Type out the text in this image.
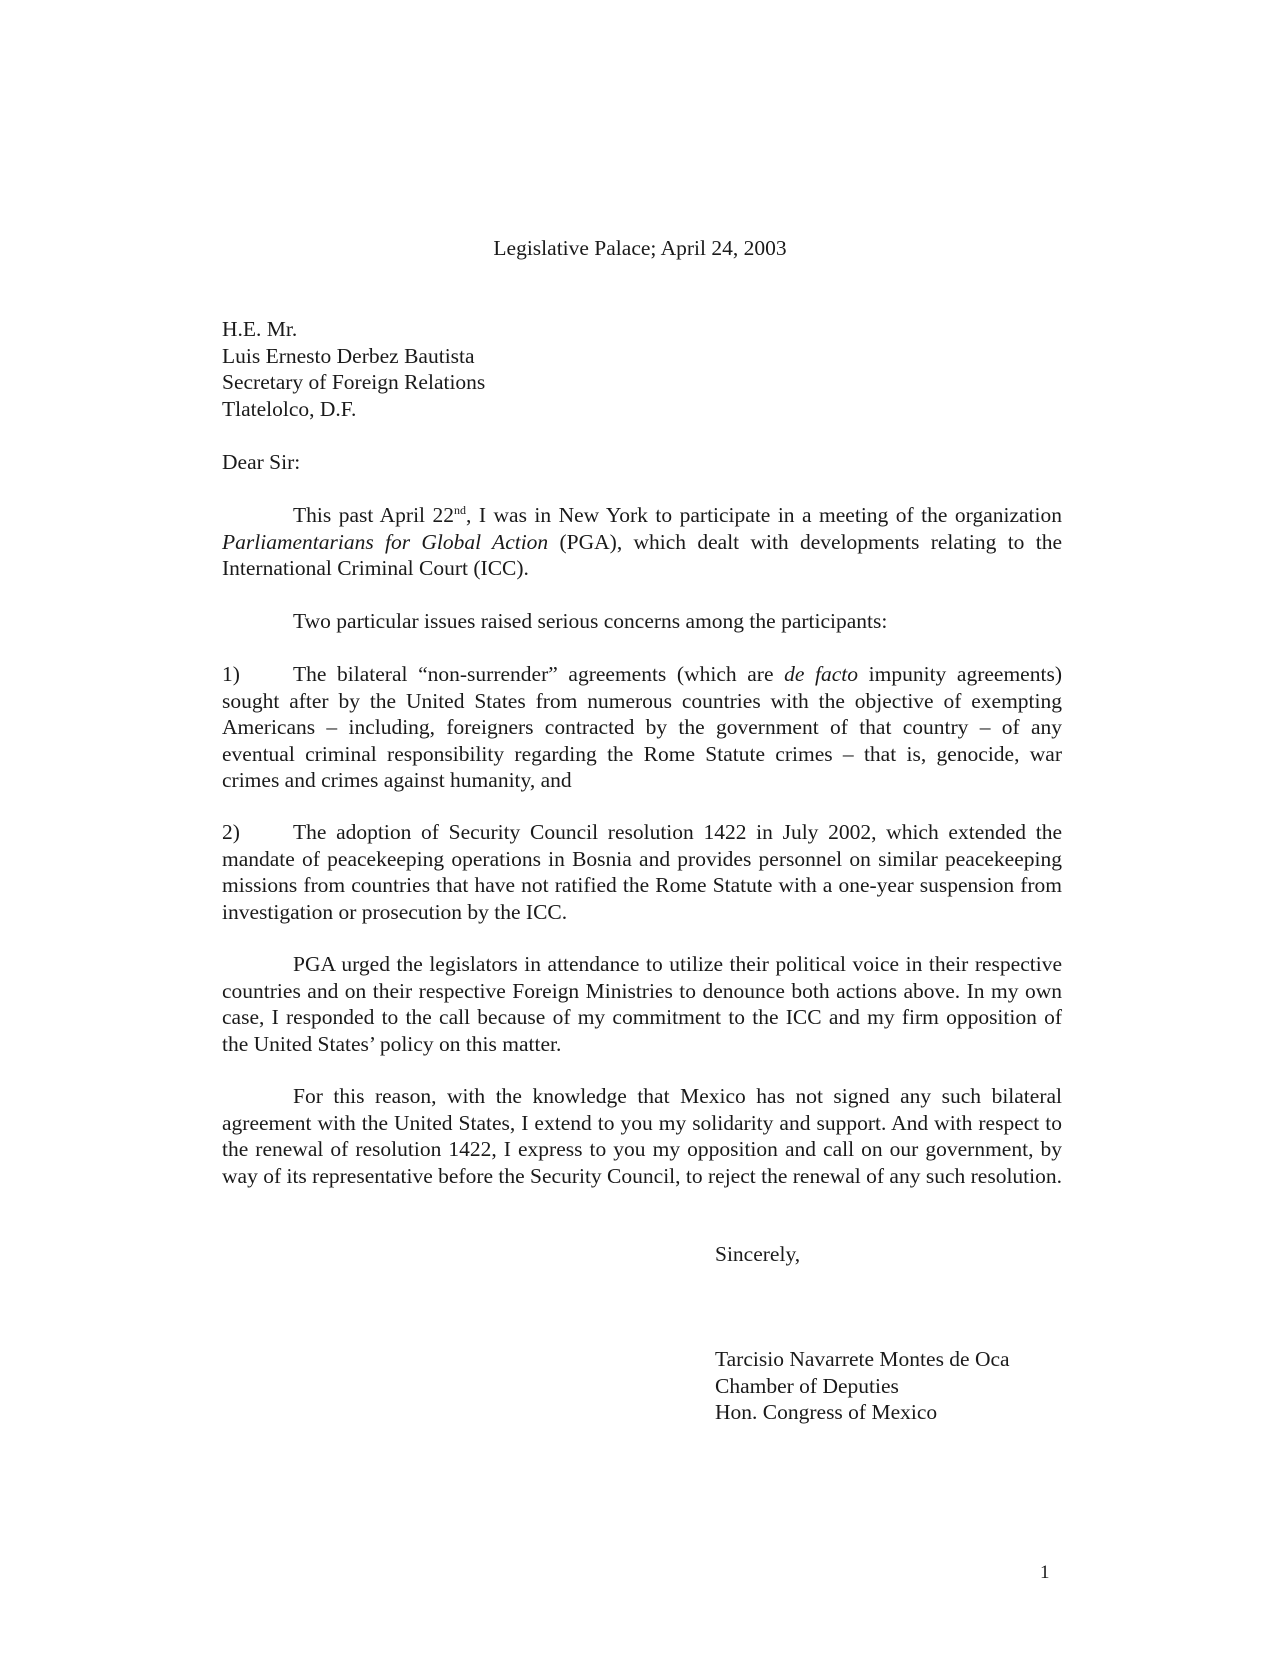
Legislative Palace; April 24, 2003
H.E. Mr.
Luis Ernesto Derbez Bautista
Secretary of Foreign Relations
Tlatelolco, D.F.
Dear Sir:
This past April 22nd, I was in New York to participate in a meeting of the organization Parliamentarians for Global Action (PGA), which dealt with developments relating to the International Criminal Court (ICC).
Two particular issues raised serious concerns among the participants:
1) The bilateral “non-surrender” agreements (which are de facto impunity agreements) sought after by the United States from numerous countries with the objective of exempting Americans – including, foreigners contracted by the government of that country – of any eventual criminal responsibility regarding the Rome Statute crimes – that is, genocide, war crimes and crimes against humanity, and
2) The adoption of Security Council resolution 1422 in July 2002, which extended the mandate of peacekeeping operations in Bosnia and provides personnel on similar peacekeeping missions from countries that have not ratified the Rome Statute with a one-year suspension from investigation or prosecution by the ICC.
PGA urged the legislators in attendance to utilize their political voice in their respective countries and on their respective Foreign Ministries to denounce both actions above. In my own case, I responded to the call because of my commitment to the ICC and my firm opposition of the United States’ policy on this matter.
For this reason, with the knowledge that Mexico has not signed any such bilateral agreement with the United States, I extend to you my solidarity and support. And with respect to the renewal of resolution 1422, I express to you my opposition and call on our government, by way of its representative before the Security Council, to reject the renewal of any such resolution.
Sincerely,
Tarcisio Navarrete Montes de Oca
Chamber of Deputies
Hon. Congress of Mexico
1
